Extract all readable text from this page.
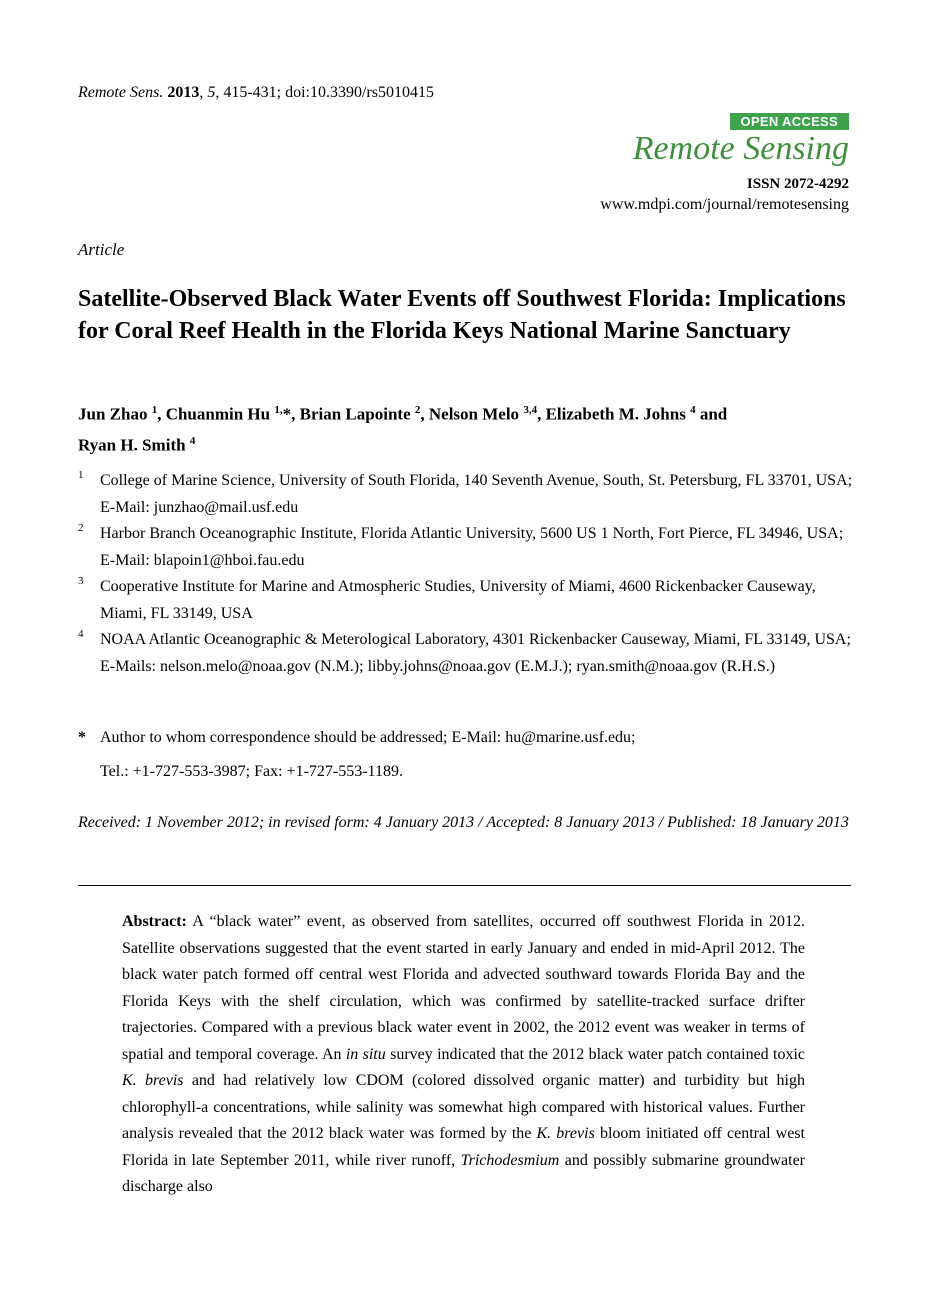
Remote Sens. 2013, 5, 415-431; doi:10.3390/rs5010415
OPEN ACCESS
Remote Sensing
ISSN 2072-4292
www.mdpi.com/journal/remotesensing
Article
Satellite-Observed Black Water Events off Southwest Florida: Implications for Coral Reef Health in the Florida Keys National Marine Sanctuary
Jun Zhao $^1$, Chuanmin Hu $^{1,}$*, Brian Lapointe $^2$, Nelson Melo $^{3,4}$, Elizabeth M. Johns $^4$ and
Ryan H. Smith $^4$
1 College of Marine Science, University of South Florida, 140 Seventh Avenue, South, St. Petersburg, FL 33701, USA; E-Mail: junzhao@mail.usf.edu
2 Harbor Branch Oceanographic Institute, Florida Atlantic University, 5600 US 1 North, Fort Pierce, FL 34946, USA; E-Mail: blapoin1@hboi.fau.edu
3 Cooperative Institute for Marine and Atmospheric Studies, University of Miami, 4600 Rickenbacker Causeway, Miami, FL 33149, USA
4 NOAA Atlantic Oceanographic & Meterological Laboratory, 4301 Rickenbacker Causeway, Miami, FL 33149, USA; E-Mails: nelson.melo@noaa.gov (N.M.); libby.johns@noaa.gov (E.M.J.); ryan.smith@noaa.gov (R.H.S.)
* Author to whom correspondence should be addressed; E-Mail: hu@marine.usf.edu;
Tel.: +1-727-553-3987; Fax: +1-727-553-1189.
Received: 1 November 2012; in revised form: 4 January 2013 / Accepted: 8 January 2013 / Published: 18 January 2013
Abstract: A “black water” event, as observed from satellites, occurred off southwest Florida in 2012. Satellite observations suggested that the event started in early January and ended in mid-April 2012. The black water patch formed off central west Florida and advected southward towards Florida Bay and the Florida Keys with the shelf circulation, which was confirmed by satellite-tracked surface drifter trajectories. Compared with a previous black water event in 2002, the 2012 event was weaker in terms of spatial and temporal coverage. An in situ survey indicated that the 2012 black water patch contained toxic K. brevis and had relatively low CDOM (colored dissolved organic matter) and turbidity but high chlorophyll-a concentrations, while salinity was somewhat high compared with historical values. Further analysis revealed that the 2012 black water was formed by the K. brevis bloom initiated off central west Florida in late September 2011, while river runoff, Trichodesmium and possibly submarine groundwater discharge also
